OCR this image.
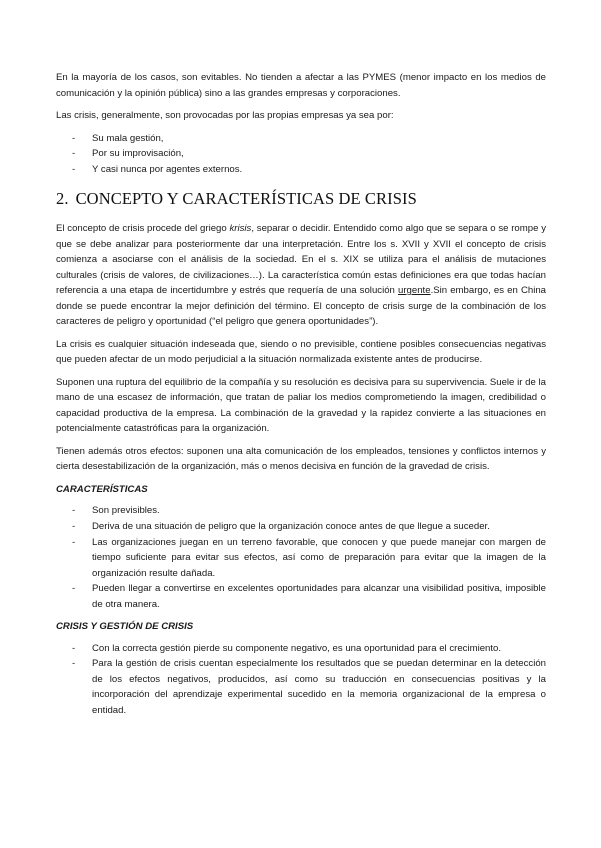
En la mayoría de los casos, son evitables. No tienden a afectar a las PYMES (menor impacto en los medios de comunicación y la opinión pública) sino a las grandes empresas y corporaciones.

Las crisis, generalmente, son provocadas por las propias empresas ya sea por:

- Su mala gestión,
- Por su improvisación,
- Y casi nunca por agentes externos.
2. CONCEPTO Y CARACTERÍSTICAS DE CRISIS

El concepto de crisis procede del griego krisis, separar o decidir. Entendido como algo que se separa o se rompe y que se debe analizar para posteriormente dar una interpretación. Entre los s. XVII y XVII el concepto de crisis comienza a asociarse con el análisis de la sociedad. En el s. XIX se utiliza para el análisis de mutaciones culturales (crisis de valores, de civilizaciones…). La característica común estas definiciones era que todas hacían referencia a una etapa de incertidumbre y estrés que requería de una solución urgente.Sin embargo, es en China donde se puede encontrar la mejor definición del término. El concepto de crisis surge de la combinación de los caracteres de peligro y oportunidad (“el peligro que genera oportunidades”).

La crisis es cualquier situación indeseada que, siendo o no previsible, contiene posibles consecuencias negativas que pueden afectar de un modo perjudicial a la situación normalizada existente antes de producirse.

Suponen una ruptura del equilibrio de la compañía y su resolución es decisiva para su supervivencia. Suele ir de la mano de una escasez de información, que tratan de paliar los medios comprometiendo la imagen, credibilidad o capacidad productiva de la empresa. La combinación de la gravedad y la rapidez convierte a las situaciones en potencialmente catastróficas para la organización.

Tienen además otros efectos: suponen una alta comunicación de los empleados, tensiones y conflictos internos y cierta desestabilización de la organización, más o menos decisiva en función de la gravedad de crisis.

CARACTERÍSTICAS
- Son previsibles.
- Deriva de una situación de peligro que la organización conoce antes de que llegue a suceder.
- Las organizaciones juegan en un terreno favorable, que conocen y que puede manejar con margen de tiempo suficiente para evitar sus efectos, así como de preparación para evitar que la imagen de la organización resulte dañada.
- Pueden llegar a convertirse en excelentes oportunidades para alcanzar una visibilidad positiva, imposible de otra manera.
CRISIS Y GESTIÓN DE CRISIS
- Con la correcta gestión pierde su componente negativo, es una oportunidad para el crecimiento.
- Para la gestión de crisis cuentan especialmente los resultados que se puedan determinar en la detección de los efectos negativos, producidos, así como su traducción en consecuencias positivas y la incorporación del aprendizaje experimental sucedido en la memoria organizacional de la empresa o entidad.
